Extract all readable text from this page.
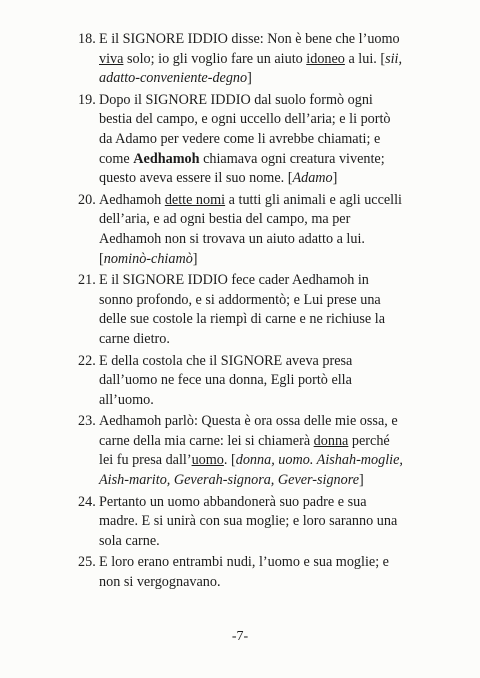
18. E il SIGNORE IDDIO disse: Non è bene che l’uomo viva solo; io gli voglio fare un aiuto idoneo a lui. [sii, adatto-conveniente-degno]
19. Dopo il SIGNORE IDDIO dal suolo formò ogni bestia del campo, e ogni uccello dell’aria; e li portò da Adamo per vedere come li avrebbe chiamati; e come Aedhamoh chiamava ogni creatura vivente; questo aveva essere il suo nome. [Adamo]
20. Aedhamoh dette nomi a tutti gli animali e agli uccelli dell’aria, e ad ogni bestia del campo, ma per Aedhamoh non si trovava un aiuto adatto a lui. [nominò-chiamò]
21. E il SIGNORE IDDIO fece cader Aedhamoh in sonno profondo, e si addormentò; e Lui prese una delle sue costole la riempì di carne e ne richiuse la carne dietro.
22. E della costola che il SIGNORE aveva presa dall’uomo ne fece una donna, Egli portò ella all’uomo.
23. Aedhamoh parlò: Questa è ora ossa delle mie ossa, e carne della mia carne: lei si chiamerà donna perché lei fu presa dall’uomo. [donna, uomo. Aishah-moglie, Aish-marito, Geverah-signora, Gever-signore]
24. Pertanto un uomo abbandonerà suo padre e sua madre. E si unirà con sua moglie; e loro saranno una sola carne.
25. E loro erano entrambi nudi, l’uomo e sua moglie; e non si vergognavano.
-7-
